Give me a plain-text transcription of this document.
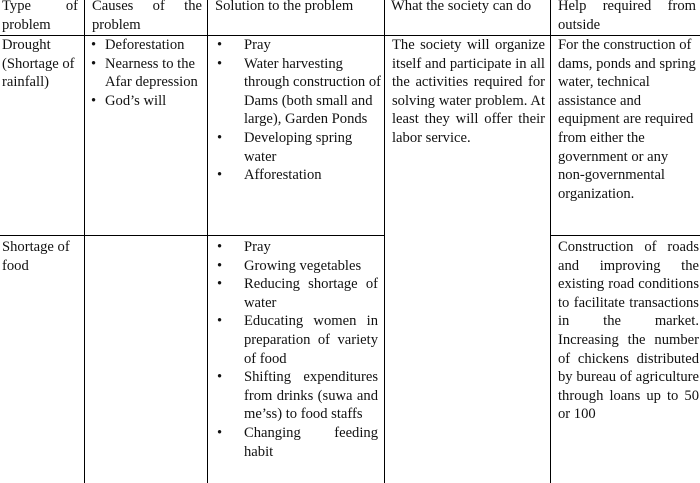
Type of problem
Causes of the problem
Solution to the problem	What the society can do	Help required from outside
Drought (Shortage of rainfall)
• Deforestation
• Nearness to the Afar depression
• God’s will
• Pray
• Water harvesting through construction of Dams (both small and large), Garden Ponds
• Developing spring water
• Afforestation
The society will organize itself and participate in all the activities required for solving water problem. At least they will offer their labor service.
For the construction of dams, ponds and spring water, technical assistance and equipment are required from either the government or any non-governmental organization.
Shortage of food
• Pray
• Growing vegetables
• Reducing shortage of water
• Educating women in preparation of variety of food
• Shifting expenditures from drinks (suwa and me’ss) to food staffs
• Changing feeding habit
Construction of roads and improving the existing road conditions to facilitate transactions in the market. Increasing the number of chickens distributed by bureau of agriculture through loans up to 50 or 100
